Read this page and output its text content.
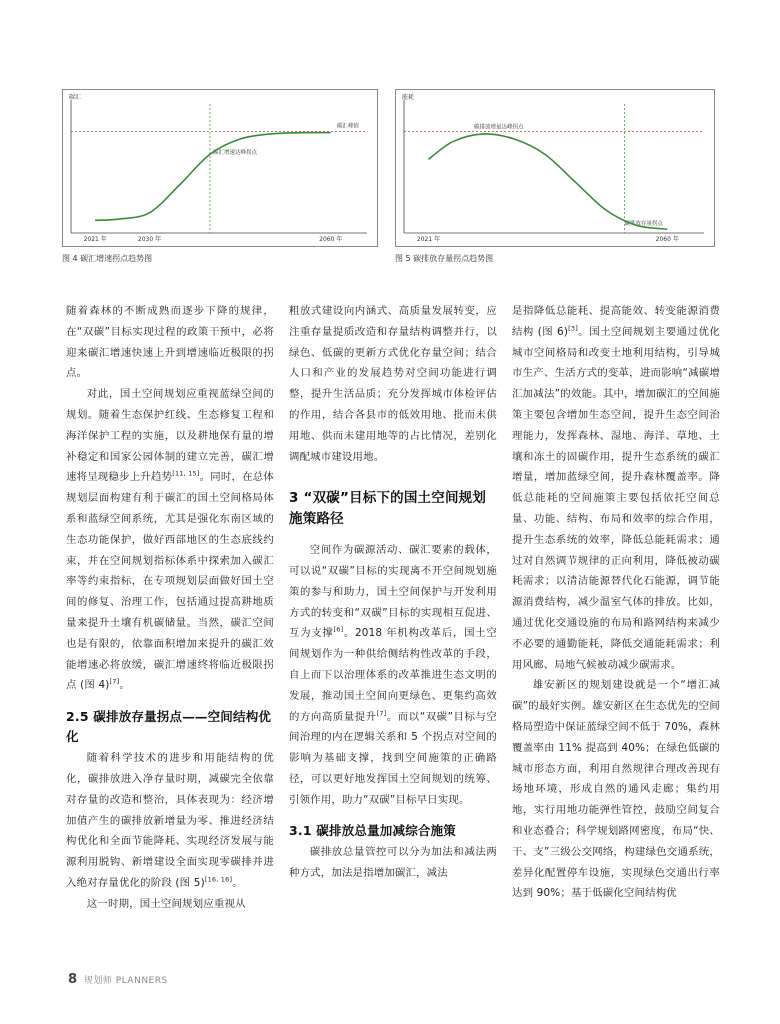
碳汇
2021 年	2030 年	2060 年
碳汇峰值
碳汇增速达峰拐点
图 4 碳汇增速拐点趋势图
能耗
2021 年	2060 年
碳排放增量达峰拐点
碳排放存量拐点
图 5 碳排放存量拐点趋势图

随着森林的不断成熟而逐步下降的规律，在“双碳”目标实现过程的政策干预中，必将迎来碳汇增速快速上升到增速临近极限的拐点。

对此，国土空间规划应重视蓝绿空间的规划。随着生态保护红线、生态修复工程和海洋保护工程的实施，以及耕地保有量的增补稳定和国家公园体制的建立完善，碳汇增速将呈现稳步上升趋势[11, 15]。同时，在总体规划层面构建有利于碳汇的国土空间格局体系和蓝绿空间系统，尤其是强化东南区域的生态功能保护，做好西部地区的生态底线约束，并在空间规划指标体系中探索加入碳汇率等约束指标，在专项规划层面做好国土空间的修复、治理工作，包括通过提高耕地质量来提升土壤有机碳储量。当然，碳汇空间也是有限的，依靠面积增加来提升的碳汇效能增速必将放缓，碳汇增速终将临近极限拐点 (图 4)[7]。

2.5 碳排放存量拐点——空间结构优化

随着科学技术的进步和用能结构的优化，碳排放进入净存量时期，减碳完全依靠对存量的改造和整治，具体表现为：经济增加值产生的碳排放新增量为零、推进经济结构优化和全面节能降耗、实现经济发展与能源利用脱钩、新增建设全面实现零碳排并进入绝对存量优化的阶段 (图 5)[16, 16]。

这一时期，国土空间规划应重视从

粗放式建设向内涵式、高质量发展转变，应注重存量提质改造和存量结构调整并行，以绿色、低碳的更新方式优化存量空间；结合人口和产业的发展趋势对空间功能进行调整，提升生活品质；充分发挥城市体检评估的作用，结合各县市的低效用地、批而未供用地、供而未建用地等的占比情况，差别化调配城市建设用地。

3 “双碳”目标下的国土空间规划施策路径

空间作为碳源活动、碳汇要素的载体，可以说“双碳”目标的实现离不开空间规划施策的参与和助力，国土空间保护与开发利用方式的转变和“双碳”目标的实现相互促进、互为支撑[6]。2018 年机构改革后，国土空间规划作为一种供给侧结构性改革的手段，自上而下以治理体系的改革推进生态文明的发展，推动国土空间向更绿色、更集约高效的方向高质量提升[7]。而以“双碳”目标与空间治理的内在逻辑关系和 5 个拐点对空间的影响为基础支撑，找到空间施策的正确路径，可以更好地发挥国土空间规划的统筹、引领作用，助力“双碳”目标早日实现。

3.1 碳排放总量加减综合施策

碳排放总量管控可以分为加法和减法两种方式，加法是指增加碳汇，减法

是指降低总能耗、提高能效、转变能源消费结构 (图 6)[3]。国土空间规划主要通过优化城市空间格局和改变土地利用结构，引导城市生产、生活方式的变革，进而影响“减碳增汇加减法”的效能。其中，增加碳汇的空间施策主要包含增加生态空间，提升生态空间治理能力，发挥森林、湿地、海洋、草地、土壤和冻土的固碳作用，提升生态系统的碳汇增量，增加蓝绿空间，提升森林覆盖率。降低总能耗的空间施策主要包括依托空间总量、功能、结构、布局和效率的综合作用，提升生态系统的效率，降低总能耗需求；通过对自然调节规律的正向利用，降低被动碳耗需求；以清洁能源替代化石能源，调节能源消费结构，减少温室气体的排放。比如，通过优化交通设施的布局和路网结构来减少不必要的通勤能耗，降低交通能耗需求；利用风廊、局地气候被动减少碳需求。

雄安新区的规划建设就是一个“增汇减碳”的最好实例。雄安新区在生态优先的空间格局塑造中保证蓝绿空间不低于 70%，森林覆盖率由 11% 提高到 40%；在绿色低碳的城市形态方面，利用自然规律合理改善现有场地环境，形成自然的通风走廊；集约用地，实行用地功能弹性管控，鼓励空间复合和业态叠合；科学规划路网密度，布局“快、干、支”三级公交网络，构建绿色交通系统，差异化配置停车设施，实现绿色交通出行率达到 90%；基于低碳化空间结构优

8 规划师 PLANNERS
